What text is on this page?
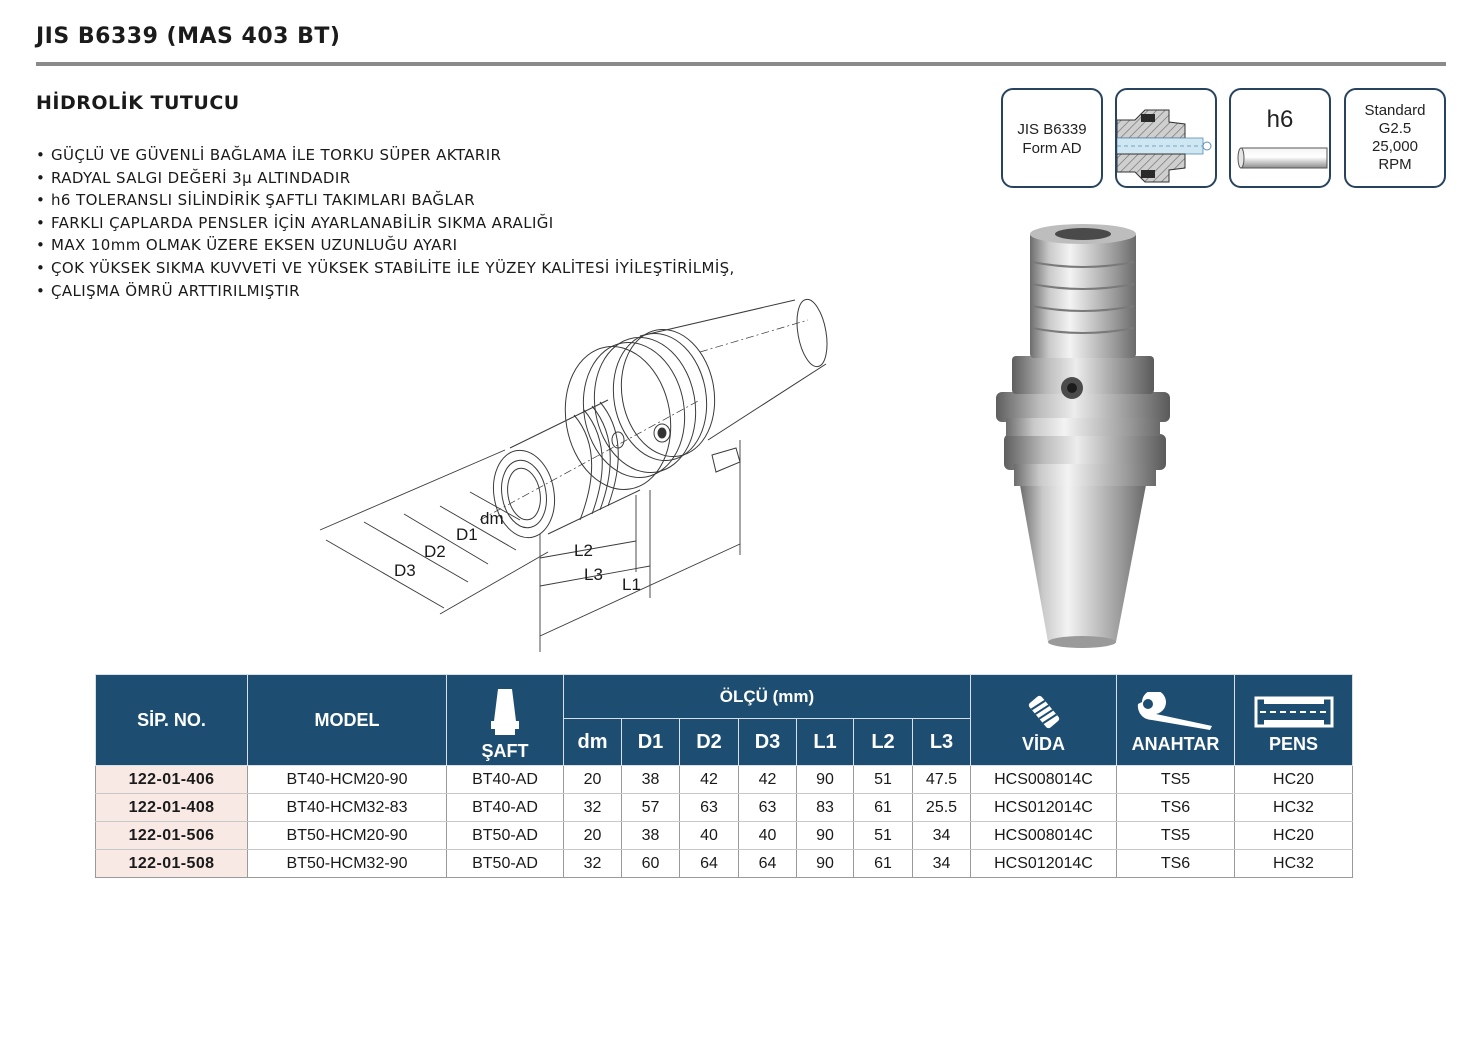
JIS B6339 (MAS 403 BT)
HİDROLİK TUTUCU
• GÜÇLÜ VE GÜVENLİ BAĞLAMA İLE TORKU SÜPER AKTARIR
• RADYAL SALGI DEĞERİ 3µ ALTINDADIR
• h6 TOLERANSLI SİLİNDİRİK ŞAFTLI TAKIMLARI BAĞLAR
• FARKLI ÇAPLARDA PENSLER İÇİN AYARLANABİLİR SIKMA ARALIĞI
• MAX 10mm OLMAK ÜZERE EKSEN UZUNLUĞU AYARI
• ÇOK YÜKSEK SIKMA KUVVETİ VE YÜKSEK STABİLİTE İLE YÜZEY KALİTESİ İYİLEŞTİRİLMİŞ,
• ÇALIŞMA ÖMRÜ ARTTIRILMIŞTIR
JIS B6339
Form AD
h6	Standard
G2.5
25,000
RPM
dm
D1
D2
D3
L2
L3
L1
SİP. NO.	MODEL	ŞAFT	ÖLÇÜ (mm)							VİDA	ANAHTAR	PENS
			dm	D1	D2	D3	L1	L2	L3			
122-01-406	BT40-HCM20-90	BT40-AD	20	38	42	42	90	51	47.5	HCS008014C	TS5	HC20
122-01-408	BT40-HCM32-83	BT40-AD	32	57	63	63	83	61	25.5	HCS012014C	TS6	HC32
122-01-506	BT50-HCM20-90	BT50-AD	20	38	40	40	90	51	34	HCS008014C	TS5	HC20
122-01-508	BT50-HCM32-90	BT50-AD	32	60	64	64	90	61	34	HCS012014C	TS6	HC32
